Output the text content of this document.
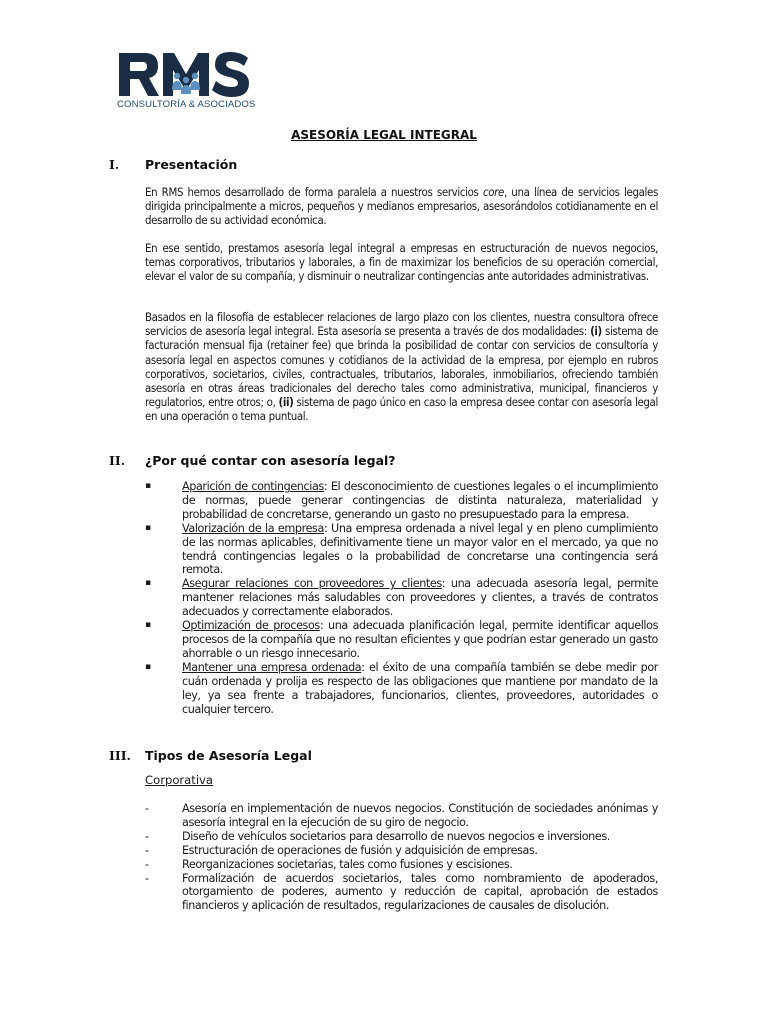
CONSULTORÍA & ASOCIADOS
ASESORÍA LEGAL INTEGRAL
I. Presentación
En RMS hemos desarrollado de forma paralela a nuestros servicios core, una línea de servicios legales dirigida principalmente a micros, pequeños y medianos empresarios, asesorándolos cotidianamente en el desarrollo de su actividad económica.
En ese sentido, prestamos asesoría legal integral a empresas en estructuración de nuevos negocios, temas corporativos, tributarios y laborales, a fin de maximizar los beneficios de su operación comercial, elevar el valor de su compañía, y disminuir o neutralizar contingencias ante autoridades administrativas.
Basados en la filosofía de establecer relaciones de largo plazo con los clientes, nuestra consultora ofrece servicios de asesoría legal integral. Esta asesoría se presenta a través de dos modalidades: (i) sistema de facturación mensual fija (retainer fee) que brinda la posibilidad de contar con servicios de consultoría y asesoría legal en aspectos comunes y cotidianos de la actividad de la empresa, por ejemplo en rubros corporativos, societarios, civiles, contractuales, tributarios, laborales, inmobiliarios, ofreciendo también asesoría en otras áreas tradicionales del derecho tales como administrativa, municipal, financieros y regulatorios, entre otros; o, (ii) sistema de pago único en caso la empresa desee contar con asesoría legal en una operación o tema puntual.
II. ¿Por qué contar con asesoría legal?
▪	Aparición de contingencias: El desconocimiento de cuestiones legales o el incumplimiento de normas, puede generar contingencias de distinta naturaleza, materialidad y probabilidad de concretarse, generando un gasto no presupuestado para la empresa.
▪	Valorización de la empresa: Una empresa ordenada a nivel legal y en pleno cumplimiento de las normas aplicables, definitivamente tiene un mayor valor en el mercado, ya que no tendrá contingencias legales o la probabilidad de concretarse una contingencia será remota.
▪	Asegurar relaciones con proveedores y clientes: una adecuada asesoría legal, permite mantener relaciones más saludables con proveedores y clientes, a través de contratos adecuados y correctamente elaborados.
▪	Optimización de procesos: una adecuada planificación legal, permite identificar aquellos procesos de la compañía que no resultan eficientes y que podrían estar generado un gasto ahorrable o un riesgo innecesario.
▪	Mantener una empresa ordenada: el éxito de una compañía también se debe medir por cuán ordenada y prolija es respecto de las obligaciones que mantiene por mandato de la ley, ya sea frente a trabajadores, funcionarios, clientes, proveedores, autoridades o cualquier tercero.
III. Tipos de Asesoría Legal
Corporativa
-	Asesoría en implementación de nuevos negocios. Constitución de sociedades anónimas y asesoría integral en la ejecución de su giro de negocio.
-	Diseño de vehículos societarios para desarrollo de nuevos negocios e inversiones.
-	Estructuración de operaciones de fusión y adquisición de empresas.
-	Reorganizaciones societarias, tales como fusiones y escisiones.
-	Formalización de acuerdos societarios, tales como nombramiento de apoderados, otorgamiento de poderes, aumento y reducción de capital, aprobación de estados financieros y aplicación de resultados, regularizaciones de causales de disolución.
